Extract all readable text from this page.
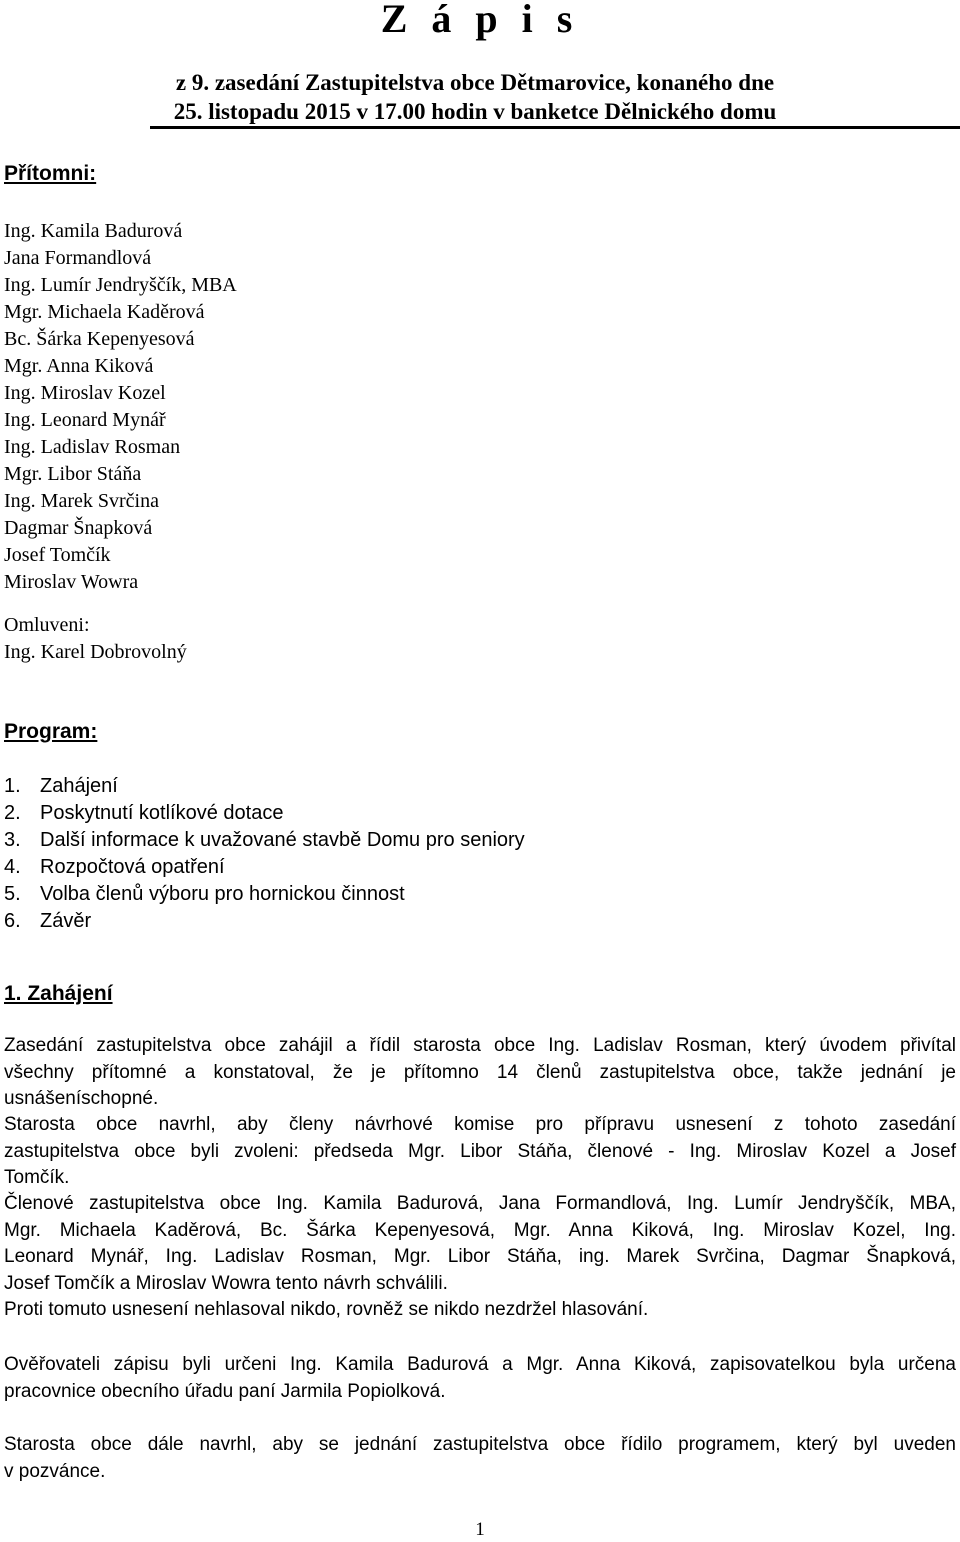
Z á p i s
z 9. zasedání Zastupitelstva obce Dětmarovice, konaného dne
25. listopadu 2015 v 17.00 hodin v banketce Dělnického domu
Přítomni:
Ing. Kamila Badurová
Jana Formandlová
Ing. Lumír Jendryščík, MBA
Mgr. Michaela Kaděrová
Bc. Šárka Kepenyesová
Mgr. Anna Kiková
Ing. Miroslav Kozel
Ing. Leonard Mynář
Ing. Ladislav Rosman
Mgr. Libor Stáňa
Ing. Marek Svrčina
Dagmar Šnapková
Josef Tomčík
Miroslav Wowra
Omluveni:
Ing. Karel Dobrovolný
Program:
1. Zahájení
2. Poskytnutí kotlíkové dotace
3. Další informace k uvažované stavbě Domu pro seniory
4. Rozpočtová opatření
5. Volba členů výboru pro hornickou činnost
6. Závěr
1. Zahájení
Zasedání zastupitelstva obce zahájil a řídil starosta obce Ing. Ladislav Rosman, který úvodem přivítal
všechny přítomné a konstatoval, že je přítomno 14 členů zastupitelstva obce, takže jednání je
usnášeníschopné.
Starosta obce navrhl, aby členy návrhové komise pro přípravu usnesení z tohoto zasedání
zastupitelstva obce byli zvoleni: předseda Mgr. Libor Stáňa, členové - Ing. Miroslav Kozel a Josef
Tomčík.
Členové zastupitelstva obce Ing. Kamila Badurová, Jana Formandlová, Ing. Lumír Jendryščík, MBA,
Mgr. Michaela Kaděrová, Bc. Šárka Kepenyesová, Mgr. Anna Kiková, Ing. Miroslav Kozel, Ing.
Leonard Mynář, Ing. Ladislav Rosman, Mgr. Libor Stáňa, ing. Marek Svrčina, Dagmar Šnapková,
Josef Tomčík a Miroslav Wowra tento návrh schválili.
Proti tomuto usnesení nehlasoval nikdo, rovněž se nikdo nezdržel hlasování.
Ověřovateli zápisu byli určeni Ing. Kamila Badurová a Mgr. Anna Kiková, zapisovatelkou byla určena
pracovnice obecního úřadu paní Jarmila Popiolková.
Starosta obce dále navrhl, aby se jednání zastupitelstva obce řídilo programem, který byl uveden
v pozvánce.
1
